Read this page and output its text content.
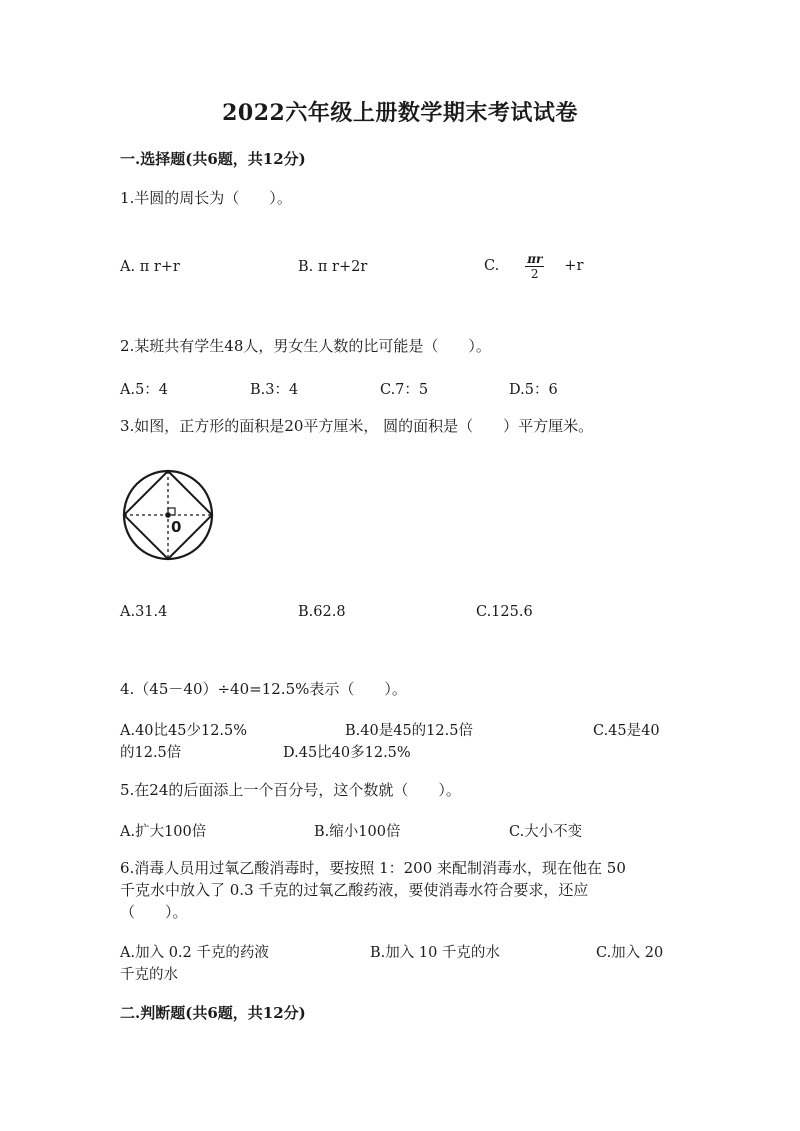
2022六年级上册数学期末考试试卷
一.选择题(共6题，共12分)
1.半圆的周长为（　　）。
A. π r+r	B. π r+2r	C. $\frac{\pi r}{2} +r$
2.某班共有学生48人，男女生人数的比可能是（　　）。
A.5：4	B.3：4	C.7：5	D.5：6
3.如图，正方形的面积是20平方厘米， 圆的面积是（　　）平方厘米。
0
A.31.4	B.62.8	C.125.6
4.（45－40）÷40=12.5%表示（　　）。
A.40比45少12.5%	B.40是45的12.5倍	C.45是40
的12.5倍	D.45比40多12.5%
5.在24的后面添上一个百分号，这个数就（　　）。
A.扩大100倍	B.缩小100倍	C.大小不变
6.消毒人员用过氧乙酸消毒时，要按照 1：200 来配制消毒水，现在他在 50
千克水中放入了 0.3 千克的过氧乙酸药液，要使消毒水符合要求，还应
（　　）。
A.加入 0.2 千克的药液	B.加入 10 千克的水	C.加入 20
千克的水
二.判断题(共6题，共12分)
